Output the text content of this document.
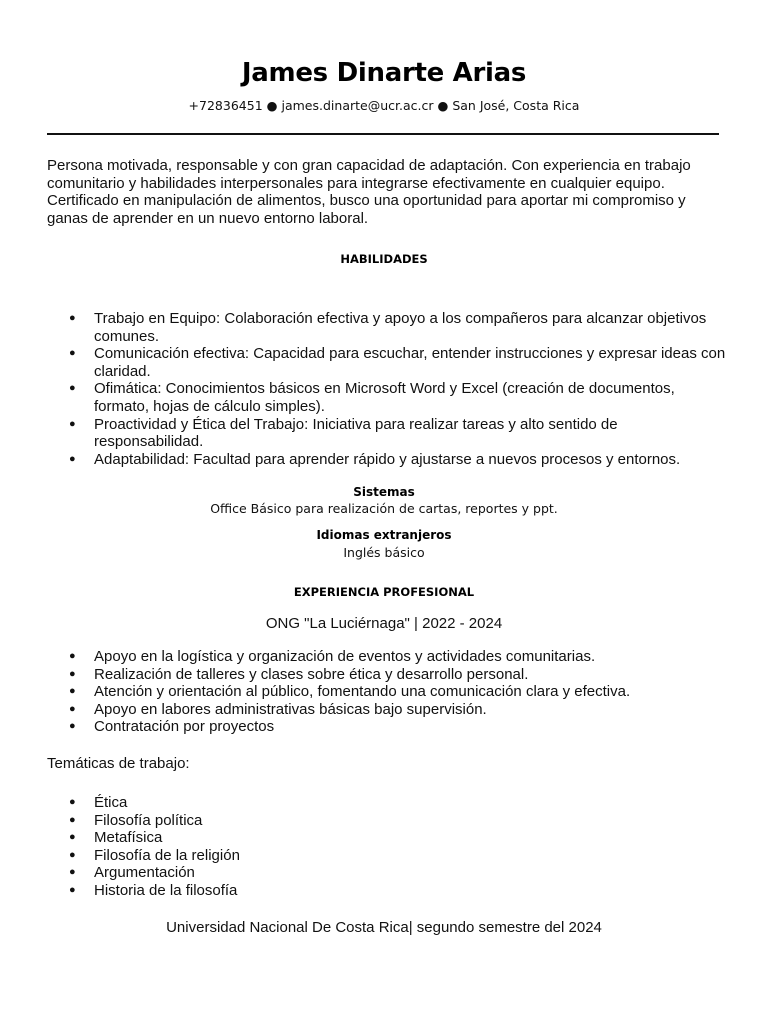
James Dinarte Arias
+72836451 ● james.dinarte@ucr.ac.cr ● San José, Costa Rica
Persona motivada, responsable y con gran capacidad de adaptación. Con experiencia en trabajo comunitario y habilidades interpersonales para integrarse efectivamente en cualquier equipo. Certificado en manipulación de alimentos, busco una oportunidad para aportar mi compromiso y ganas de aprender en un nuevo entorno laboral.
HABILIDADES
● Trabajo en Equipo: Colaboración efectiva y apoyo a los compañeros para alcanzar objetivos comunes.
● Comunicación efectiva: Capacidad para escuchar, entender instrucciones y expresar ideas con claridad.
● Ofimática: Conocimientos básicos en Microsoft Word y Excel (creación de documentos, formato, hojas de cálculo simples).
● Proactividad y Ética del Trabajo: Iniciativa para realizar tareas y alto sentido de responsabilidad.
● Adaptabilidad: Facultad para aprender rápido y ajustarse a nuevos procesos y entornos.
Sistemas
Office Básico para realización de cartas, reportes y ppt.
Idiomas extranjeros
Inglés básico
EXPERIENCIA PROFESIONAL
ONG "La Luciérnaga" | 2022 - 2024
● Apoyo en la logística y organización de eventos y actividades comunitarias.
● Realización de talleres y clases sobre ética y desarrollo personal.
● Atención y orientación al público, fomentando una comunicación clara y efectiva.
● Apoyo en labores administrativas básicas bajo supervisión.
● Contratación por proyectos
Temáticas de trabajo:
● Ética
● Filosofía política
● Metafísica
● Filosofía de la religión
● Argumentación
● Historia de la filosofía
Universidad Nacional De Costa Rica| segundo semestre del 2024
